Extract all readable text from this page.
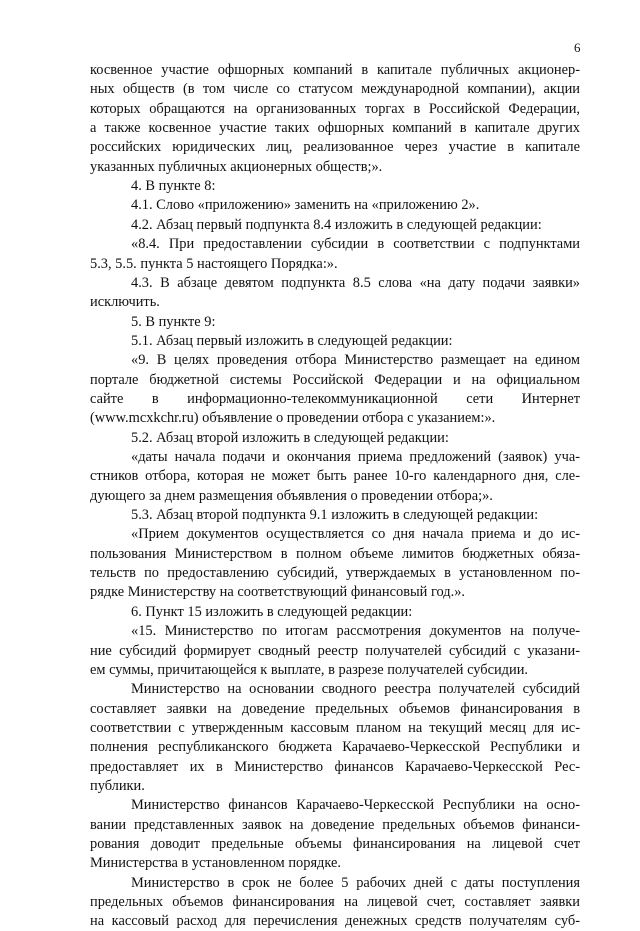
6
косвенное участие офшорных компаний в капитале публичных акционер-
ных обществ (в том числе со статусом международной компании), акции
которых обращаются на организованных торгах в Российской Федерации,
а также косвенное участие таких офшорных компаний в капитале других
российских юридических лиц, реализованное через участие в капитале
указанных публичных акционерных обществ;».
4. В пункте 8:
4.1. Слово «приложению» заменить на «приложению 2».
4.2. Абзац первый подпункта 8.4 изложить в следующей редакции:
«8.4. При предоставлении субсидии в соответствии с подпунктами
5.3, 5.5. пункта 5 настоящего Порядка:».
4.3. В абзаце девятом подпункта 8.5 слова «на дату подачи заявки»
исключить.
5. В пункте 9:
5.1. Абзац первый изложить в следующей редакции:
«9. В целях проведения отбора Министерство размещает на едином
портале бюджетной системы Российской Федерации и на официальном
сайте в информационно-телекоммуникационной сети Интернет
(www.mcxkchr.ru) объявление о проведении отбора с указанием:».
5.2. Абзац второй изложить в следующей редакции:
«даты начала подачи и окончания приема предложений (заявок) уча-
стников отбора, которая не может быть ранее 10-го календарного дня, сле-
дующего за днем размещения объявления о проведении отбора;».
5.3. Абзац второй подпункта 9.1 изложить в следующей редакции:
«Прием документов осуществляется со дня начала приема и до ис-
пользования Министерством в полном объеме лимитов бюджетных обяза-
тельств по предоставлению субсидий, утверждаемых в установленном по-
рядке Министерству на соответствующий финансовый год.».
6. Пункт 15 изложить в следующей редакции:
«15. Министерство по итогам рассмотрения документов на получе-
ние субсидий формирует сводный реестр получателей субсидий с указани-
ем суммы, причитающейся к выплате, в разрезе получателей субсидии.
Министерство на основании сводного реестра получателей субсидий
составляет заявки на доведение предельных объемов финансирования в
соответствии с утвержденным кассовым планом на текущий месяц для ис-
полнения республиканского бюджета Карачаево-Черкесской Республики и
предоставляет их в Министерство финансов Карачаево-Черкесской Рес-
публики.
Министерство финансов Карачаево-Черкесской Республики на осно-
вании представленных заявок на доведение предельных объемов финанси-
рования доводит предельные объемы финансирования на лицевой счет
Министерства в установленном порядке.
Министерство в срок не более 5 рабочих дней с даты поступления
предельных объемов финансирования на лицевой счет, составляет заявки
на кассовый расход для перечисления денежных средств получателям суб-
